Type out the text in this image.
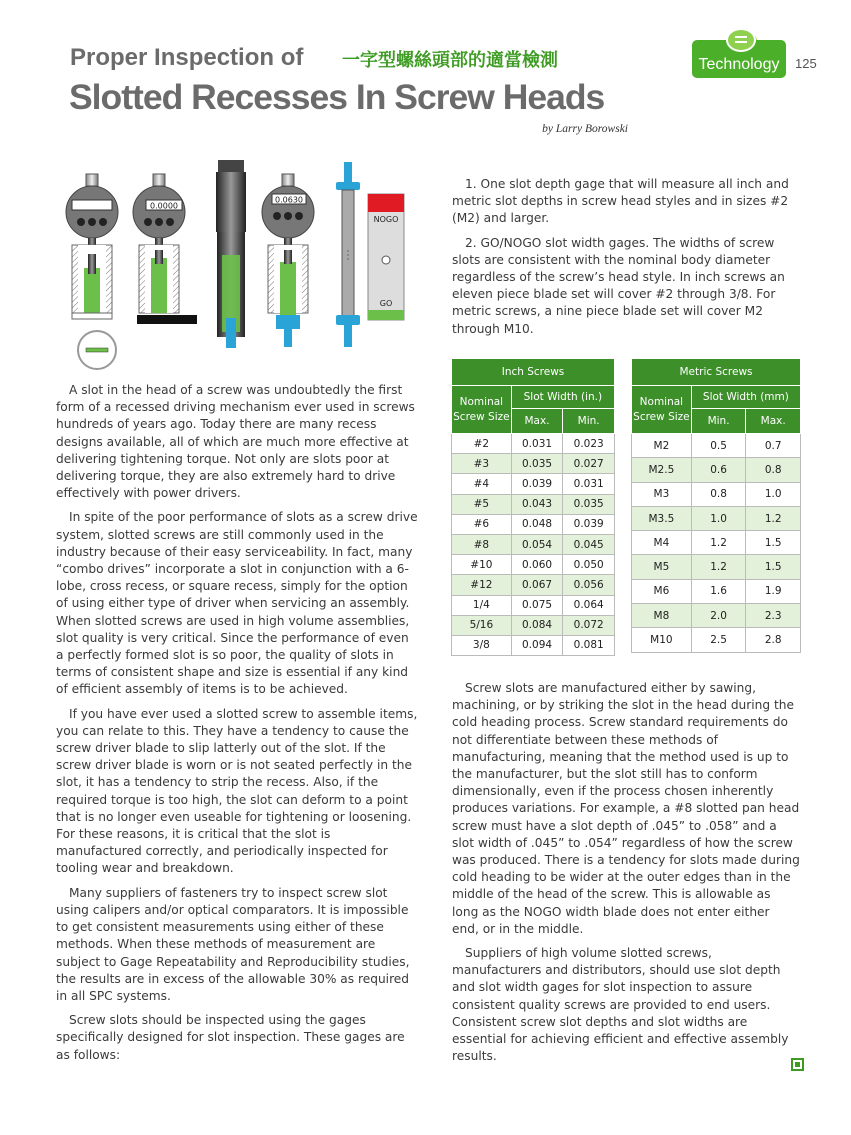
Proper Inspection of 一字型螺絲頭部的適當檢測
Slotted Recesses In Screw Heads
by Larry Borowski
Technology	125
0.0000
0.0630
NOGO
GO

1. One slot depth gage that will measure all inch and metric slot depths in screw head styles and in sizes #2 (M2) and larger.

2. GO/NOGO slot width gages. The widths of screw slots are consistent with the nominal body diameter regardless of the screw’s head style. In inch screws an eleven piece blade set will cover #2 through 3/8. For metric screws, a nine piece blade set will cover M2 through M10.

Inch Screws		
Nominal Screw Size	Slot Width (in.)	
	Max.	Min.
#2	0.031	0.023
#3	0.035	0.027
#4	0.039	0.031
#5	0.043	0.035
#6	0.048	0.039
#8	0.054	0.045
#10	0.060	0.050
#12	0.067	0.056
1/4	0.075	0.064
5/16	0.084	0.072
3/8	0.094	0.081
Metric Screws		
Nominal Screw Size	Slot Width (mm)	
	Min.	Max.
M2	0.5	0.7
M2.5	0.6	0.8
M3	0.8	1.0
M3.5	1.0	1.2
M4	1.2	1.5
M5	1.2	1.5
M6	1.6	1.9
M8	2.0	2.3
M10	2.5	2.8

A slot in the head of a screw was undoubtedly the first form of a recessed driving mechanism ever used in screws hundreds of years ago. Today there are many recess designs available, all of which are much more effective at delivering tightening torque. Not only are slots poor at delivering torque, they are also extremely hard to drive effectively with power drivers.

In spite of the poor performance of slots as a screw drive system, slotted screws are still commonly used in the industry because of their easy serviceability. In fact, many “combo drives” incorporate a slot in conjunction with a 6-lobe, cross recess, or square recess, simply for the option of using either type of driver when servicing an assembly. When slotted screws are used in high volume assemblies, slot quality is very critical. Since the performance of even a perfectly formed slot is so poor, the quality of slots in terms of consistent shape and size is essential if any kind of efficient assembly of items is to be achieved.

If you have ever used a slotted screw to assemble items, you can relate to this. They have a tendency to cause the screw driver blade to slip latterly out of the slot. If the screw driver blade is worn or is not seated perfectly in the slot, it has a tendency to strip the recess. Also, if the required torque is too high, the slot can deform to a point that is no longer even useable for tightening or loosening. For these reasons, it is critical that the slot is manufactured correctly, and periodically inspected for tooling wear and breakdown.

Many suppliers of fasteners try to inspect screw slot using calipers and/or optical comparators. It is impossible to get consistent measurements using either of these methods. When these methods of measurement are subject to Gage Repeatability and Reproducibility studies, the results are in excess of the allowable 30% as required in all SPC systems.

Screw slots should be inspected using the gages specifically designed for slot inspection. These gages are as follows:

Screw slots are manufactured either by sawing, machining, or by striking the slot in the head during the cold heading process. Screw standard requirements do not differentiate between these methods of manufacturing, meaning that the method used is up to the manufacturer, but the slot still has to conform dimensionally, even if the process chosen inherently produces variations. For example, a #8 slotted pan head screw must have a slot depth of .045” to .058” and a slot width of .045” to .054” regardless of how the screw was produced. There is a tendency for slots made during cold heading to be wider at the outer edges than in the middle of the head of the screw. This is allowable as long as the NOGO width blade does not enter either end, or in the middle.

Suppliers of high volume slotted screws, manufacturers and distributors, should use slot depth and slot width gages for slot inspection to assure consistent quality screws are provided to end users. Consistent screw slot depths and slot widths are essential for achieving efficient and effective assembly results.
